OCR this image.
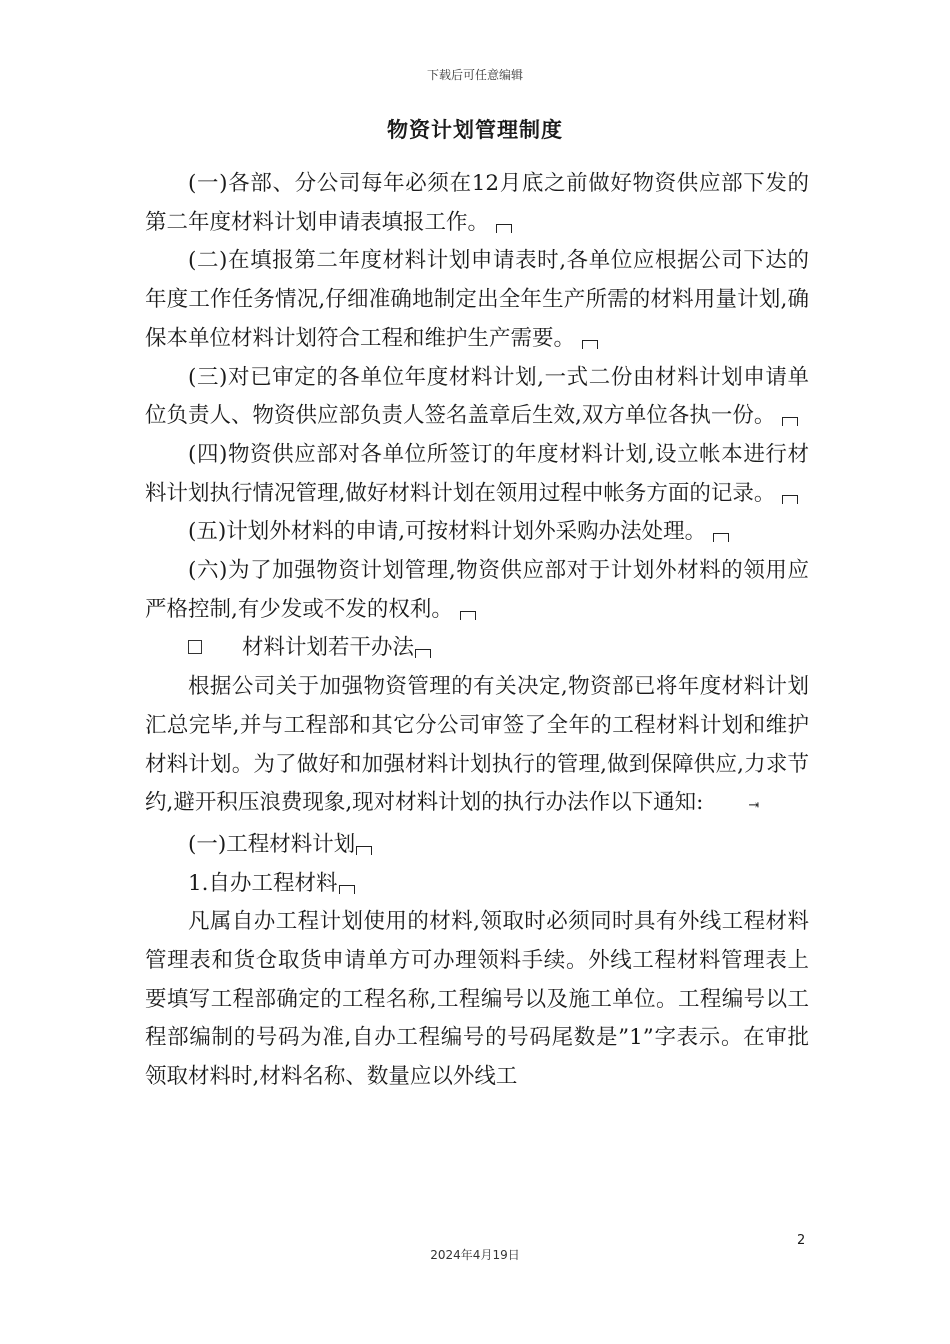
下载后可任意编辑
物资计划管理制度

(一)各部、分公司每年必须在12月底之前做好物资供应部下发的第二年度材料计划申请表填报工作。

(二)在填报第二年度材料计划申请表时,各单位应根据公司下达的年度工作任务情况,仔细准确地制定出全年生产所需的材料用量计划,确保本单位材料计划符合工程和维护生产需要。

(三)对已审定的各单位年度材料计划,一式二份由材料计划申请单位负责人、物资供应部负责人签名盖章后生效,双方单位各执一份。

(四)物资供应部对各单位所签订的年度材料计划,设立帐本进行材料计划执行情况管理,做好材料计划在领用过程中帐务方面的记录。

(五)计划外材料的申请,可按材料计划外采购办法处理。

(六)为了加强物资计划管理,物资供应部对于计划外材料的领用应严格控制,有少发或不发的权利。

材料计划若干办法

根据公司关于加强物资管理的有关决定,物资部已将年度材料计划汇总完毕,并与工程部和其它分公司审签了全年的工程材料计划和维护材料计划。为了做好和加强材料计划执行的管理,做到保障供应,力求节约,避开积压浪费现象,现对材料计划的执行办法作以下通知:	⇥

(一)工程材料计划

1.自办工程材料

凡属自办工程计划使用的材料,领取时必须同时具有外线工程材料管理表和货仓取货申请单方可办理领料手续。外线工程材料管理表上要填写工程部确定的工程名称,工程编号以及施工单位。工程编号以工程部编制的号码为准,自办工程编号的号码尾数是”1”字表示。在审批领取材料时,材料名称、数量应以外线工

2
2024年4月19日
